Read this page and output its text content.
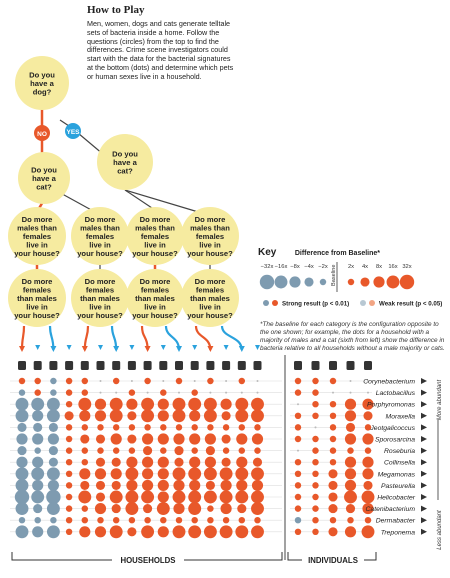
How to Play

Men, women, dogs and cats generate telltale sets of bacteria inside a home. Follow the questions (circles) from the top to find the differences. Crime scene investigators could start with the data for the bacterial signatures at the bottom (dots) and determine which pets or human sexes live in a household.

NO	YES
Do you
have a
dog?
Do you
have a
cat?
Do you
have a
cat?
Do more
males than
females
live in
your house?
Do more
males than
females
live in
your house?
Do more
males than
females
live in
your house?
Do more
males than
females
live in
your house?
Do more
females
than males
live in
your house?
Do more
females
than males
live in
your house?
Do more
females
than males
live in
your house?
Do more
females
than males
live in
your house?
Corynebacterium
Lactobacillus
Porphyromonas
Moraxella
Jeotgalicoccus
Sporosarcina
Roseburia
Collinsella
Megamonas
Pasteurella
Helicobacter
Catenibacterium
Dermabacter
Treponema
More abundant
Less abundant
HOUSEHOLDS	INDIVIDUALS
−32x −16x −8x −4x −2x Baseline 2x 4x 8x 16x 32x
Strong result (p < 0.01)	Weak result (p < 0.05)
Key	Difference from Baseline*
*The baseline for each category is the configuration opposite to the one shown; for example, the dots for a household with a majority of males and a cat (sixth from left) show the difference in bacteria relative to all households without a male majority or cats.
